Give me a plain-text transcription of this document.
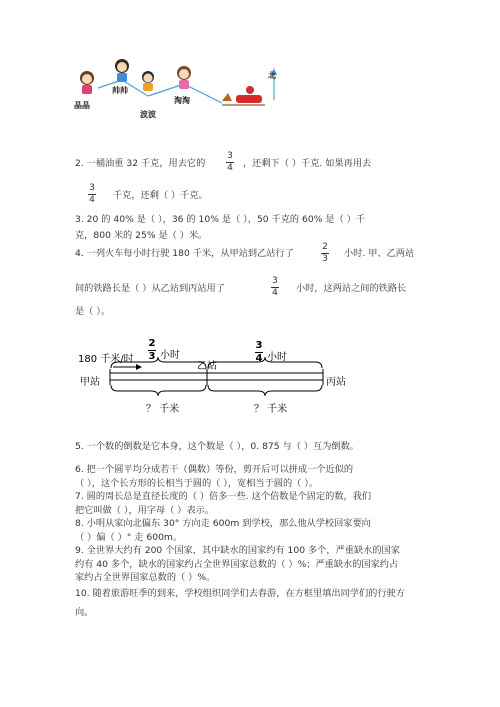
晶晶
帅帅
波波
淘淘
北
2. 一桶油重 32 千克，用去它的
3
4 ，还剩下（ ）千克. 如果再用去
3
4 千克，还剩（ ）千克。
3. 20 的 40% 是（ ），36 的 10% 是（ ），50 千克的 60% 是（ ）千
克，800 米的 25% 是（ ）米。
4. 一列火车每小时行驶 180 千米，从甲站到乙站行了
2
3 小时. 甲、乙两站
间的铁路长是（ ）从乙站到丙站用了
3
4 小时，这两站之间的铁路长
是（ ）。
180 千米/时
2
3 小时
3
4 小时
甲站
乙站
丙站
？ 千米	？ 千米
5. 一个数的倒数是它本身，这个数是（ ），0. 875 与（ ）互为倒数。
6. 把一个圆平均分成若干（偶数）等份，剪开后可以拼成一个近似的
（ ），这个长方形的长相当于圆的（ ），宽相当于圆的（ ）。
7. 圆的周长总是直径长度的（ ）倍多一些. 这个倍数是个固定的数，我们
把它叫做（ ），用字母（ ）表示。
8. 小明从家向北偏东 30° 方向走 600m 到学校，那么他从学校回家要向
（ ）偏（ ）° 走 600m。
9. 全世界大约有 200 个国家，其中缺水的国家约有 100 多个，严重缺水的国家
约有 40 多个，缺水的国家约占全世界国家总数的（ ）%；严重缺水的国家约占
家约占全世界国家总数的（ ）%。
10. 随着旅游旺季的到来，学校组织同学们去春游，在方框里填出同学们的行驶方
向。
